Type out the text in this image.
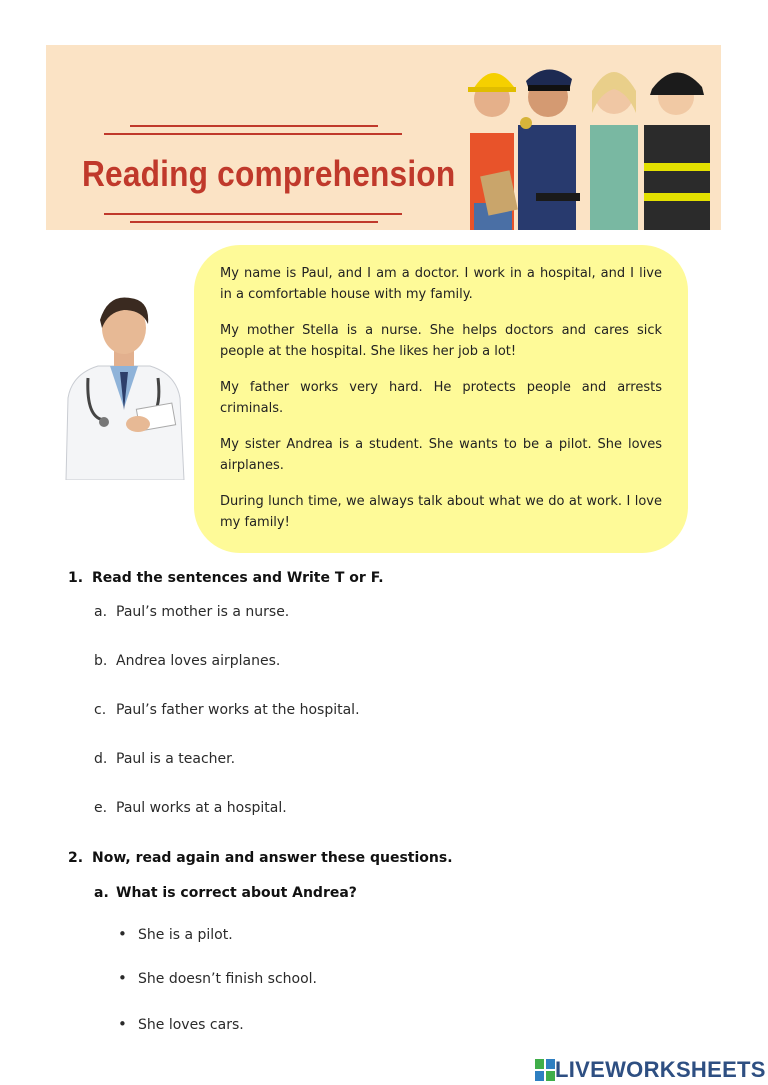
Reading comprehension

My name is Paul, and I am a doctor. I work in a hospital, and I live in a comfortable house with my family.

My mother Stella is a nurse. She helps doctors and cares sick people at the hospital. She likes her job a lot!

My father works very hard. He protects people and arrests criminals.

My sister Andrea is a student. She wants to be a pilot. She loves airplanes.

During lunch time, we always talk about what we do at work. I love my family!

1. Read the sentences and Write T or F.
a. Paul’s mother is a nurse.
b. Andrea loves airplanes.
c. Paul’s father works at the hospital.
d. Paul is a teacher.
e. Paul works at a hospital.
2. Now, read again and answer these questions.
a. What is correct about Andrea?
• She is a pilot.
• She doesn’t finish school.
• She loves cars.
LIVEWORKSHEETS
